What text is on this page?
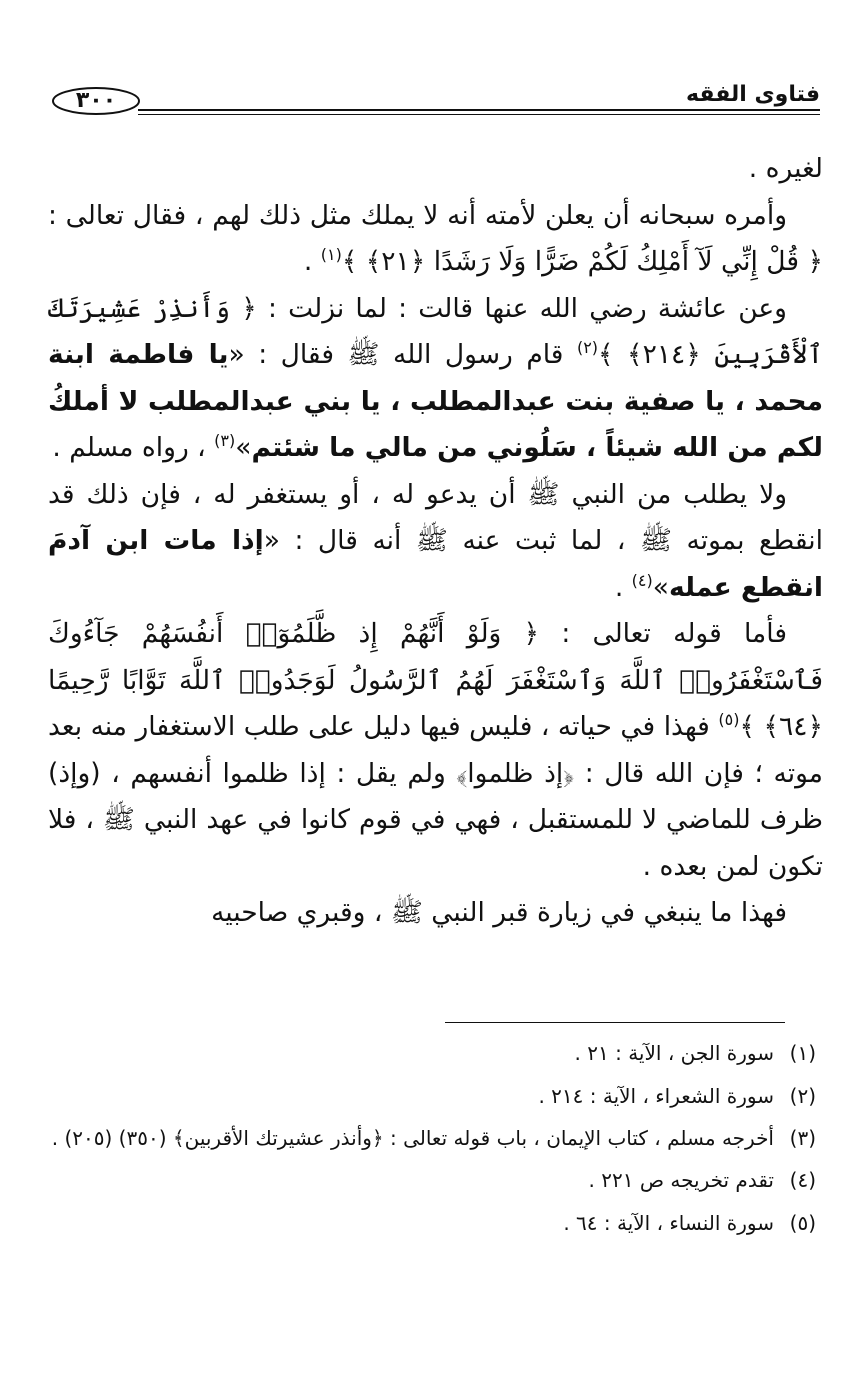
٣٠٠	فتاوى الفقه

لغيره .

وأمره سبحانه أن يعلن لأمته أنه لا يملك مثل ذلك لهم ، فقال تعالى : ﴿ قُلْ إِنِّي لَآ أَمْلِكُ لَكُمْ ضَرًّا وَلَا رَشَدًا ﴿٢١﴾ ﴾$^{(١)}$ .

وعن عائشة رضي الله عنها قالت : لما نزلت : ﴿ وَأَنذِرْ عَشِيرَتَكَ ٱلْأَقْرَبِينَ ﴿٢١٤﴾ ﴾$^{(٢)}$ قام رسول الله ﷺ فقال : «يا فاطمة ابنة محمد ، يا صفية بنت عبدالمطلب ، يا بني عبدالمطلب لا أملكُ لكم من الله شيئاً ، سَلُوني من مالي ما شئتم»$^{(٣)}$ ، رواه مسلم .

ولا يطلب من النبي ﷺ أن يدعو له ، أو يستغفر له ، فإن ذلك قد انقطع بموته ﷺ ، لما ثبت عنه ﷺ أنه قال : «إذا مات ابن آدمَ انقطع عمله»$^{(٤)}$ .

فأما قوله تعالى : ﴿ وَلَوْ أَنَّهُمْ إِذ ظَّلَمُوٓا۟ أَنفُسَهُمْ جَآءُوكَ فَٱسْتَغْفَرُوا۟ ٱللَّهَ وَٱسْتَغْفَرَ لَهُمُ ٱلرَّسُولُ لَوَجَدُوا۟ ٱللَّهَ تَوَّابًا رَّحِيمًا ﴿٦٤﴾ ﴾$^{(٥)}$ فهذا في حياته ، فليس فيها دليل على طلب الاستغفار منه بعد موته ؛ فإن الله قال : ﴿إذ ظلموا﴾ ولم يقل : إذا ظلموا أنفسهم ، (وإذ) ظرف للماضي لا للمستقبل ، فهي في قوم كانوا في عهد النبي ﷺ ، فلا تكون لمن بعده .

فهذا ما ينبغي في زيارة قبر النبي ﷺ ، وقبري صاحبيه

(١)
سورة الجن ، الآية : ٢١ .
(٢)
سورة الشعراء ، الآية : ٢١٤ .
(٣)
أخرجه مسلم ، كتاب الإيمان ، باب قوله تعالى : ﴿وأنذر عشيرتك الأقربين﴾ (٣٥٠) (٢٠٥) .
(٤)
تقدم تخريجه ص ٢٢١ .
(٥)
سورة النساء ، الآية : ٦٤ .
